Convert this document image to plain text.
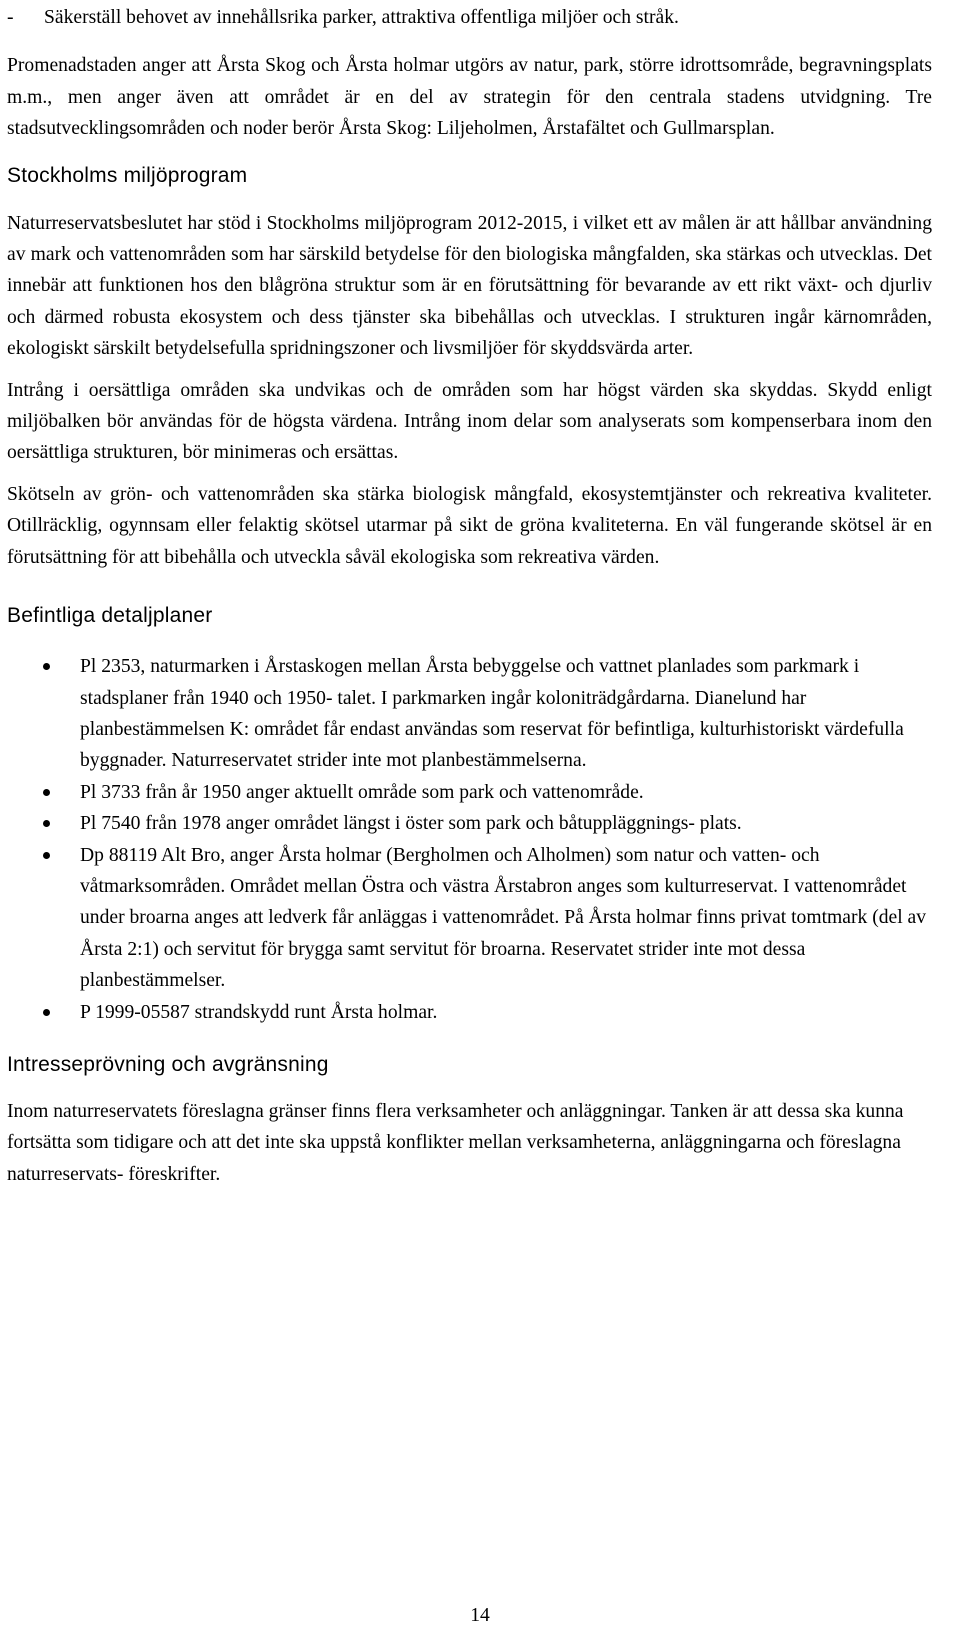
-	Säkerställ behovet av innehållsrika parker, attraktiva offentliga miljöer och stråk.

Promenadstaden anger att Årsta Skog och Årsta holmar utgörs av natur, park, större idrottsområde, begravningsplats m.m., men anger även att området är en del av strategin för den centrala stadens utvidgning. Tre stadsutvecklingsområden och noder berör Årsta Skog: Liljeholmen, Årstafältet och Gullmarsplan.

Stockholms miljöprogram

Naturreservatsbeslutet har stöd i Stockholms miljöprogram 2012-2015, i vilket ett av målen är att hållbar användning av mark och vattenområden som har särskild betydelse för den biologiska mångfalden, ska stärkas och utvecklas. Det innebär att funktionen hos den blågröna struktur som är en förutsättning för bevarande av ett rikt växt- och djurliv och därmed robusta ekosystem och dess tjänster ska bibehållas och utvecklas. I strukturen ingår kärnområden, ekologiskt särskilt betydelsefulla spridningszoner och livsmiljöer för skyddsvärda arter.

Intrång i oersättliga områden ska undvikas och de områden som har högst värden ska skyddas. Skydd enligt miljöbalken bör användas för de högsta värdena. Intrång inom delar som analyserats som kompenserbara inom den oersättliga strukturen, bör minimeras och ersättas.

Skötseln av grön- och vattenområden ska stärka biologisk mångfald, ekosystemtjänster och rekreativa kvaliteter. Otillräcklig, ogynnsam eller felaktig skötsel utarmar på sikt de gröna kvaliteterna. En väl fungerande skötsel är en förutsättning för att bibehålla och utveckla såväl ekologiska som rekreativa värden.

Befintliga detaljplaner
Pl 2353, naturmarken i Årstaskogen mellan Årsta bebyggelse och vattnet planlades som parkmark i stadsplaner från 1940 och 1950- talet. I parkmarken ingår koloniträdgårdarna. Dianelund har planbestämmelsen K: området får endast användas som reservat för befintliga, kulturhistoriskt värdefulla byggnader. Naturreservatet strider inte mot planbestämmelserna.
Pl 3733 från år 1950 anger aktuellt område som park och vattenområde.
Pl 7540 från 1978 anger området längst i öster som park och båtuppläggnings- plats.
Dp 88119 Alt Bro, anger Årsta holmar (Bergholmen och Alholmen) som natur och vatten- och våtmarksområden. Området mellan Östra och västra Årstabron anges som kulturreservat. I vattenområdet under broarna anges att ledverk får anläggas i vattenområdet. På Årsta holmar finns privat tomtmark (del av Årsta 2:1) och servitut för brygga samt servitut för broarna. Reservatet strider inte mot dessa planbestämmelser.
P 1999-05587 strandskydd runt Årsta holmar.
Intresseprövning och avgränsning

Inom naturreservatets föreslagna gränser finns flera verksamheter och anläggningar. Tanken är att dessa ska kunna fortsätta som tidigare och att det inte ska uppstå konflikter mellan verksamheterna, anläggningarna och föreslagna naturreservats- föreskrifter.

14
